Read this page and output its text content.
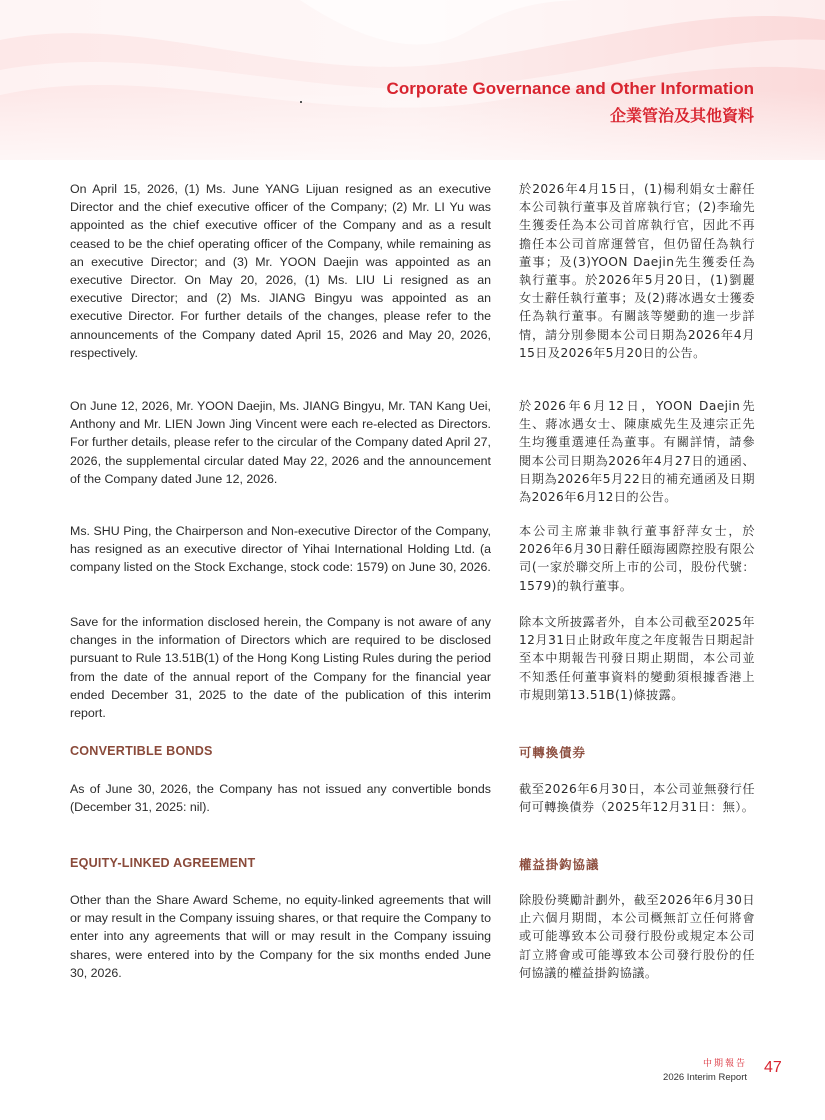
Corporate Governance and Other Information
企業管治及其他資料
On April 15, 2026, (1) Ms. June YANG Lijuan resigned as an executive Director and the chief executive officer of the Company; (2) Mr. LI Yu was appointed as the chief executive officer of the Company and as a result ceased to be the chief operating officer of the Company, while remaining as an executive Director; and (3) Mr. YOON Daejin was appointed as an executive Director. On May 20, 2026, (1) Ms. LIU Li resigned as an executive Director; and (2) Ms. JIANG Bingyu was appointed as an executive Director. For further details of the changes, please refer to the announcements of the Company dated April 15, 2026 and May 20, 2026, respectively.
於2026年4月15日，(1)楊利娟女士辭任本公司執行董事及首席執行官；(2)李瑜先生獲委任為本公司首席執行官，因此不再擔任本公司首席運營官，但仍留任為執行董事；及(3)YOON Daejin先生獲委任為執行董事。於2026年5月20日，(1)劉麗女士辭任執行董事；及(2)蔣冰遇女士獲委任為執行董事。有關該等變動的進一步詳情，請分別參閱本公司日期為2026年4月15日及2026年5月20日的公告。
On June 12, 2026, Mr. YOON Daejin, Ms. JIANG Bingyu, Mr. TAN Kang Uei, Anthony and Mr. LIEN Jown Jing Vincent were each re-elected as Directors. For further details, please refer to the circular of the Company dated April 27, 2026, the supplemental circular dated May 22, 2026 and the announcement of the Company dated June 12, 2026.
於2026年6月12日，YOON Daejin先生、蔣冰遇女士、陳康威先生及連宗正先生均獲重選連任為董事。有關詳情，請參閱本公司日期為2026年4月27日的通函、日期為2026年5月22日的補充通函及日期為2026年6月12日的公告。
Ms. SHU Ping, the Chairperson and Non-executive Director of the Company, has resigned as an executive director of Yihai International Holding Ltd. (a company listed on the Stock Exchange, stock code: 1579) on June 30, 2026.
本公司主席兼非執行董事舒萍女士，於2026年6月30日辭任頤海國際控股有限公司(一家於聯交所上市的公司，股份代號：1579)的執行董事。
Save for the information disclosed herein, the Company is not aware of any changes in the information of Directors which are required to be disclosed pursuant to Rule 13.51B(1) of the Hong Kong Listing Rules during the period from the date of the annual report of the Company for the financial year ended December 31, 2025 to the date of the publication of this interim report.
除本文所披露者外，自本公司截至2025年12月31日止財政年度之年度報告日期起計至本中期報告刊發日期止期間，本公司並不知悉任何董事資料的變動須根據香港上市規則第13.51B(1)條披露。
CONVERTIBLE BONDS	可轉換債券
As of June 30, 2026, the Company has not issued any convertible bonds (December 31, 2025: nil).
截至2026年6月30日，本公司並無發行任何可轉換債券（2025年12月31日：無）。
EQUITY-LINKED AGREEMENT	權益掛鈎協議
Other than the Share Award Scheme, no equity-linked agreements that will or may result in the Company issuing shares, or that require the Company to enter into any agreements that will or may result in the Company issuing shares, were entered into by the Company for the six months ended June 30, 2026.
除股份獎勵計劃外，截至2026年6月30日止六個月期間，本公司概無訂立任何將會或可能導致本公司發行股份或規定本公司訂立將會或可能導致本公司發行股份的任何協議的權益掛鈎協議。
中期報告
2026 Interim Report
47
